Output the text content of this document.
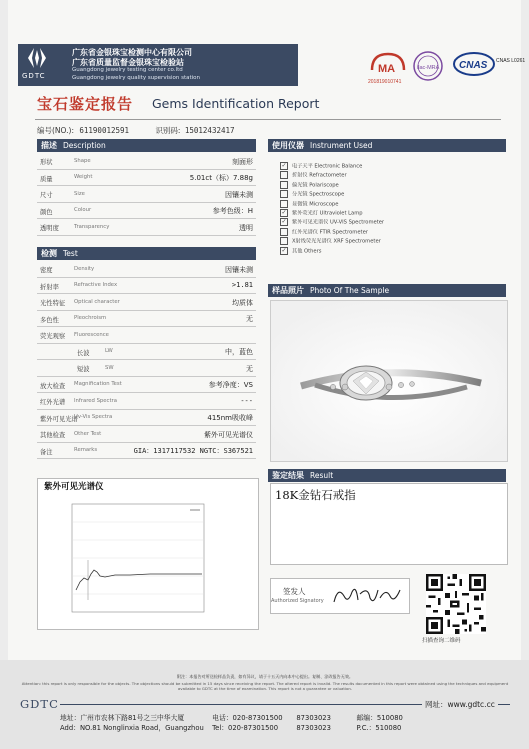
GDTC
广东省金银珠宝检测中心有限公司
广东省质量监督金银珠宝检验站
Guangdong jewelry testing center co.ltd
Guangdong jewelry quality supervision station
MA
201819010741
ilac-MRA CNAS CNAS L0261
宝石鉴定报告 Gems Identification Report
编号(NO.): 61190012591	识别码: 15012432417
描述 Description
形状	Shape	刻面形
质量	Weight	5.01ct（标）7.88g
尺寸	Size	因镶未测
颜色	Colour	参考色级：H
透明度	Transparency	透明
检测 Test
密度	Density	因镶未测
折射率	Refractive Index	>1.81
光性特征 Optical character	均质体
多色性	Pleochroism	无
荧光观察 Fluorescence
长波	LW	中，蓝色
短波	SW	无
放大检查 Magnification Test	参考净度：VS
红外光谱 Infrared Spectra	---
紫外可见光谱
Uv-Vis Spectra	415nm吸收峰
其他检查 Other Test	紫外可见光谱仪
备注	Remarks	GIA：1317117532 NGTC：S367521
使用仪器 Instrument Used
✓ 电子天平 Electronic Balance
折射仪 Refractometer
偏光镜 Polariscope
分光镜 Spectroscope
显微镜 Microscope
✓ 紫外荧光灯 Ultraviolet Lamp
✓ 紫外可见光谱仪 UV-VIS Spectrometer
红外光谱仪 FTIR Spectrometer
X射线荧光光谱仪 XRF Spectrometer
✓ 其他 Others
样品照片 Photo Of The Sample
鉴定结果 Result
18K金钻石戒指
紫外可见光谱仪
签发人
Authorized Signatory
扫描查询二维码
附注：本报告对所送检样品负责，如有异议，请于十五天内向本中心提出。复制、涂改报告无效。
Attention: this report is only responsible for the objects. The objections should be submitted in 15 days since receiving the report. The altered report is invalid. The results documented in this report were obtained using the techniques and equipment available to GDTC at the time of examination. This report is not a guarantee or valuation.
GDTC	网址：www.gdtc.cc
地址：广州市农林下路81号之三中华大厦	电话：020-87301500 87303023	邮编：510080
Add：NO.81 Nonglinxia Road，Guangzhou Tel：020-87301500	87303023	P.C.：510080
